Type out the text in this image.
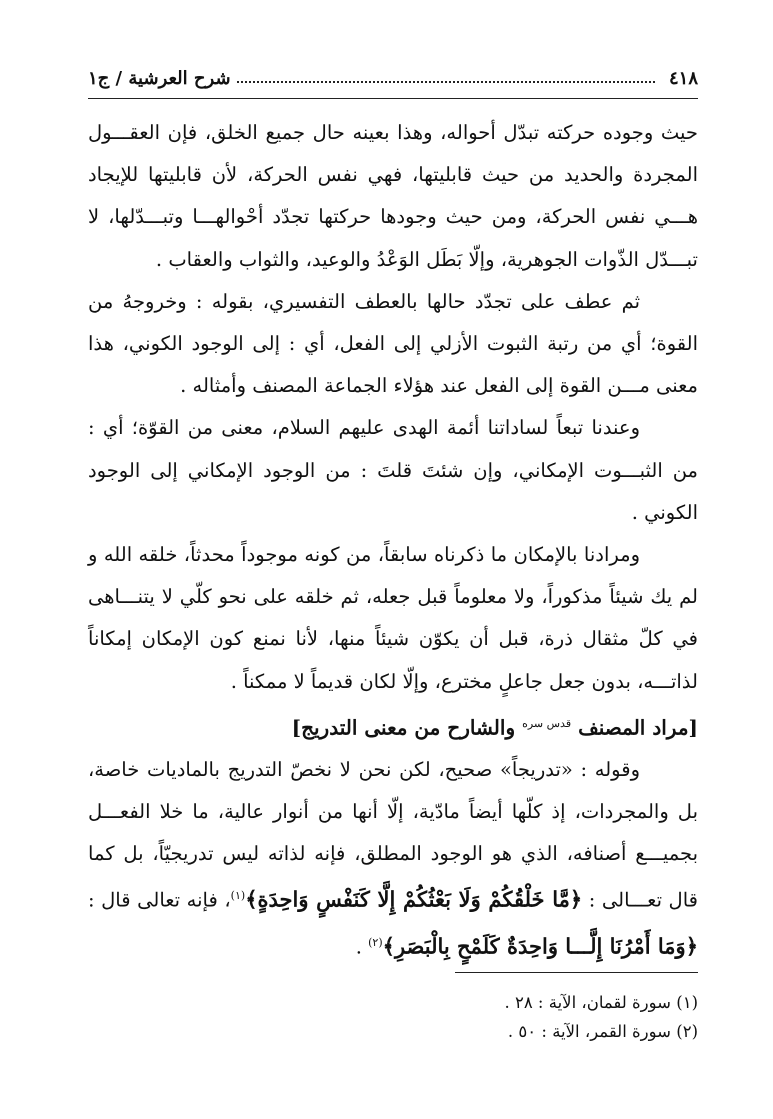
٤١٨
شرح العرشية / ج١

حيث وجوده حركته تبدّل أحواله، وهذا بعينه حال جميع الخلق، فإن العقـــول المجردة والحديد من حيث قابليتها، فهي نفس الحركة، لأن قابليتها للإيجاد هـــي نفس الحركة، ومن حيث وجودها حركتها تجدّد أحْوالهـــا وتبـــدّلها، لا تبـــدّل الذّوات الجوهرية، وإلّا بَطَل الوَعْدُ والوعيد، والثواب والعقاب .

ثم عطف على تجدّد حالها بالعطف التفسيري، بقوله : وخروجهُ من القوة؛ أي من رتبة الثبوت الأزلي إلى الفعل، أي : إلى الوجود الكوني، هذا معنى مـــن القوة إلى الفعل عند هؤلاء الجماعة المصنف وأمثاله .

وعندنا تبعاً لساداتنا أئمة الهدى عليهم السلام، معنى من القوّة؛ أي : من الثبـــوت الإمكاني، وإن شئتَ قلتَ : من الوجود الإمكاني إلى الوجود الكوني .

ومرادنا بالإمكان ما ذكرناه سابقاً، من كونه موجوداً محدثاً، خلقه الله و لم يك شيئاً مذكوراً، ولا معلوماً قبل جعله، ثم خلقه على نحو كلّي لا يتنـــاهى في كلّ مثقال ذرة، قبل أن يكوّن شيئاً منها، لأنا نمنع كون الإمكان إمكاناً لذاتـــه، بدون جعل جاعلٍ مخترع، وإلّا لكان قديماً لا ممكناً .

[مراد المصنف $^{قدس سره}$ والشارح من معنى التدريج]

وقوله : «تدريجاً» صحيح، لكن نحن لا نخصّ التدريج بالماديات خاصة، بل والمجردات، إذ كلّها أيضاً مادّية، إلّا أنها من أنوار عالية، ما خلا الفعـــل بجميـــع أصنافه، الذي هو الوجود المطلق، فإنه لذاته ليس تدريجيّاً، بل كما قال تعـــالى : ﴿مَّا خَلْقُكُمْ وَلَا بَعْثُكُمْ إِلَّا كَنَفْسٍ وَاحِدَةٍ﴾$^{(١)}$، فإنه تعالى قال : ﴿وَمَا أَمْرُنَا إِلَّـــا وَاحِدَةٌ كَلَمْحٍ بِالْبَصَرِ﴾$^{(٢)}$ .

(١) سورة لقمان، الآية : ٢٨ .

(٢) سورة القمر، الآية : ٥٠ .
